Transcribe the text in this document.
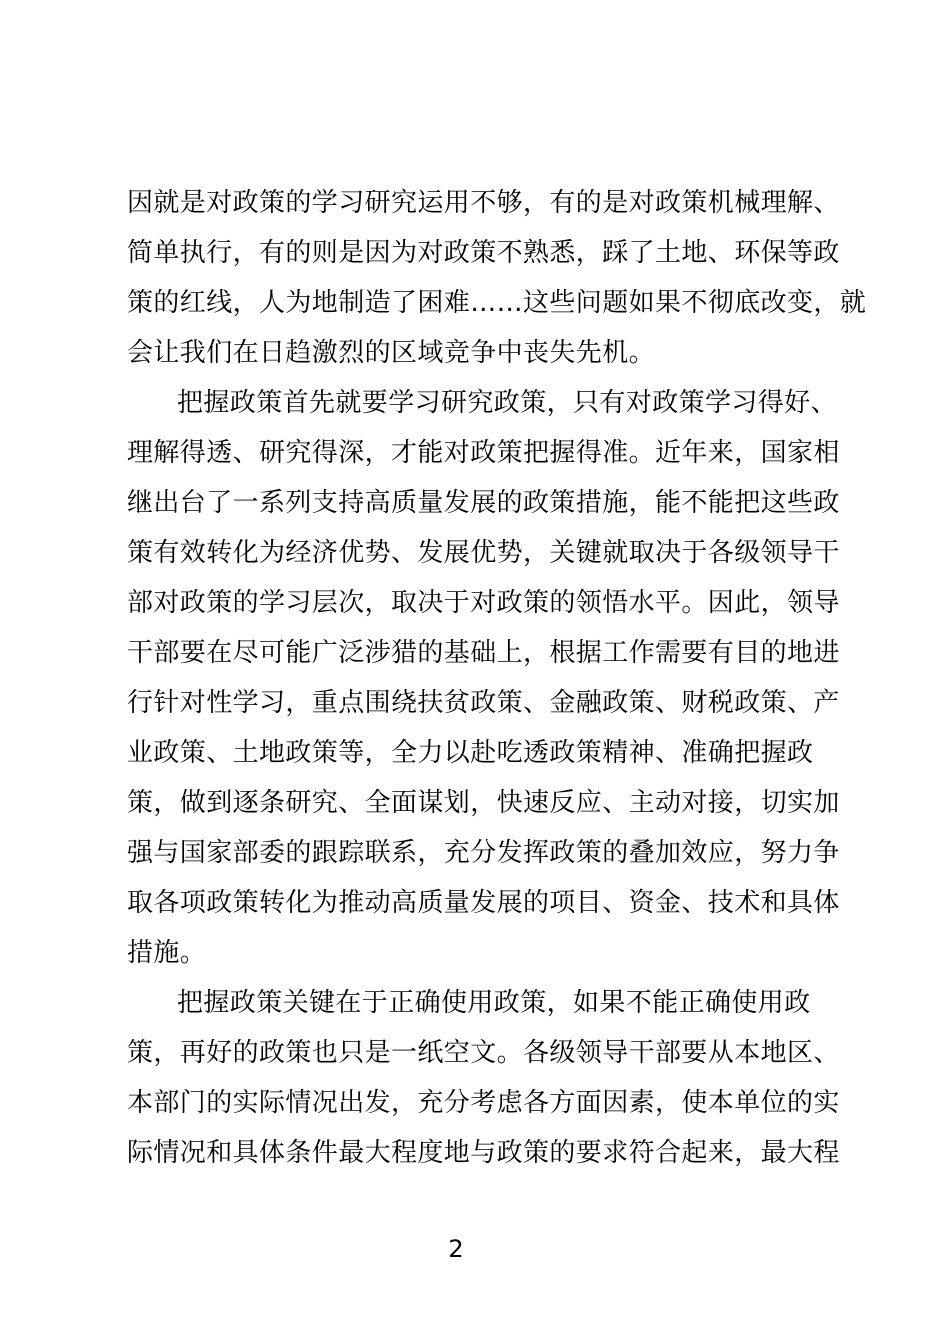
因就是对政策的学习研究运用不够，有的是对政策机械理解、
简单执行，有的则是因为对政策不熟悉，踩了土地、环保等政
策的红线，人为地制造了困难……这些问题如果不彻底改变，就
会让我们在日趋激烈的区域竞争中丧失先机。
把握政策首先就要学习研究政策，只有对政策学习得好、
理解得透、研究得深，才能对政策把握得准。近年来，国家相
继出台了一系列支持高质量发展的政策措施，能不能把这些政
策有效转化为经济优势、发展优势，关键就取决于各级领导干
部对政策的学习层次，取决于对政策的领悟水平。因此，领导
干部要在尽可能广泛涉猎的基础上，根据工作需要有目的地进
行针对性学习，重点围绕扶贫政策、金融政策、财税政策、产
业政策、土地政策等，全力以赴吃透政策精神、准确把握政
策，做到逐条研究、全面谋划，快速反应、主动对接，切实加
强与国家部委的跟踪联系，充分发挥政策的叠加效应，努力争
取各项政策转化为推动高质量发展的项目、资金、技术和具体
措施。
把握政策关键在于正确使用政策，如果不能正确使用政
策，再好的政策也只是一纸空文。各级领导干部要从本地区、
本部门的实际情况出发，充分考虑各方面因素，使本单位的实
际情况和具体条件最大程度地与政策的要求符合起来，最大程
2
